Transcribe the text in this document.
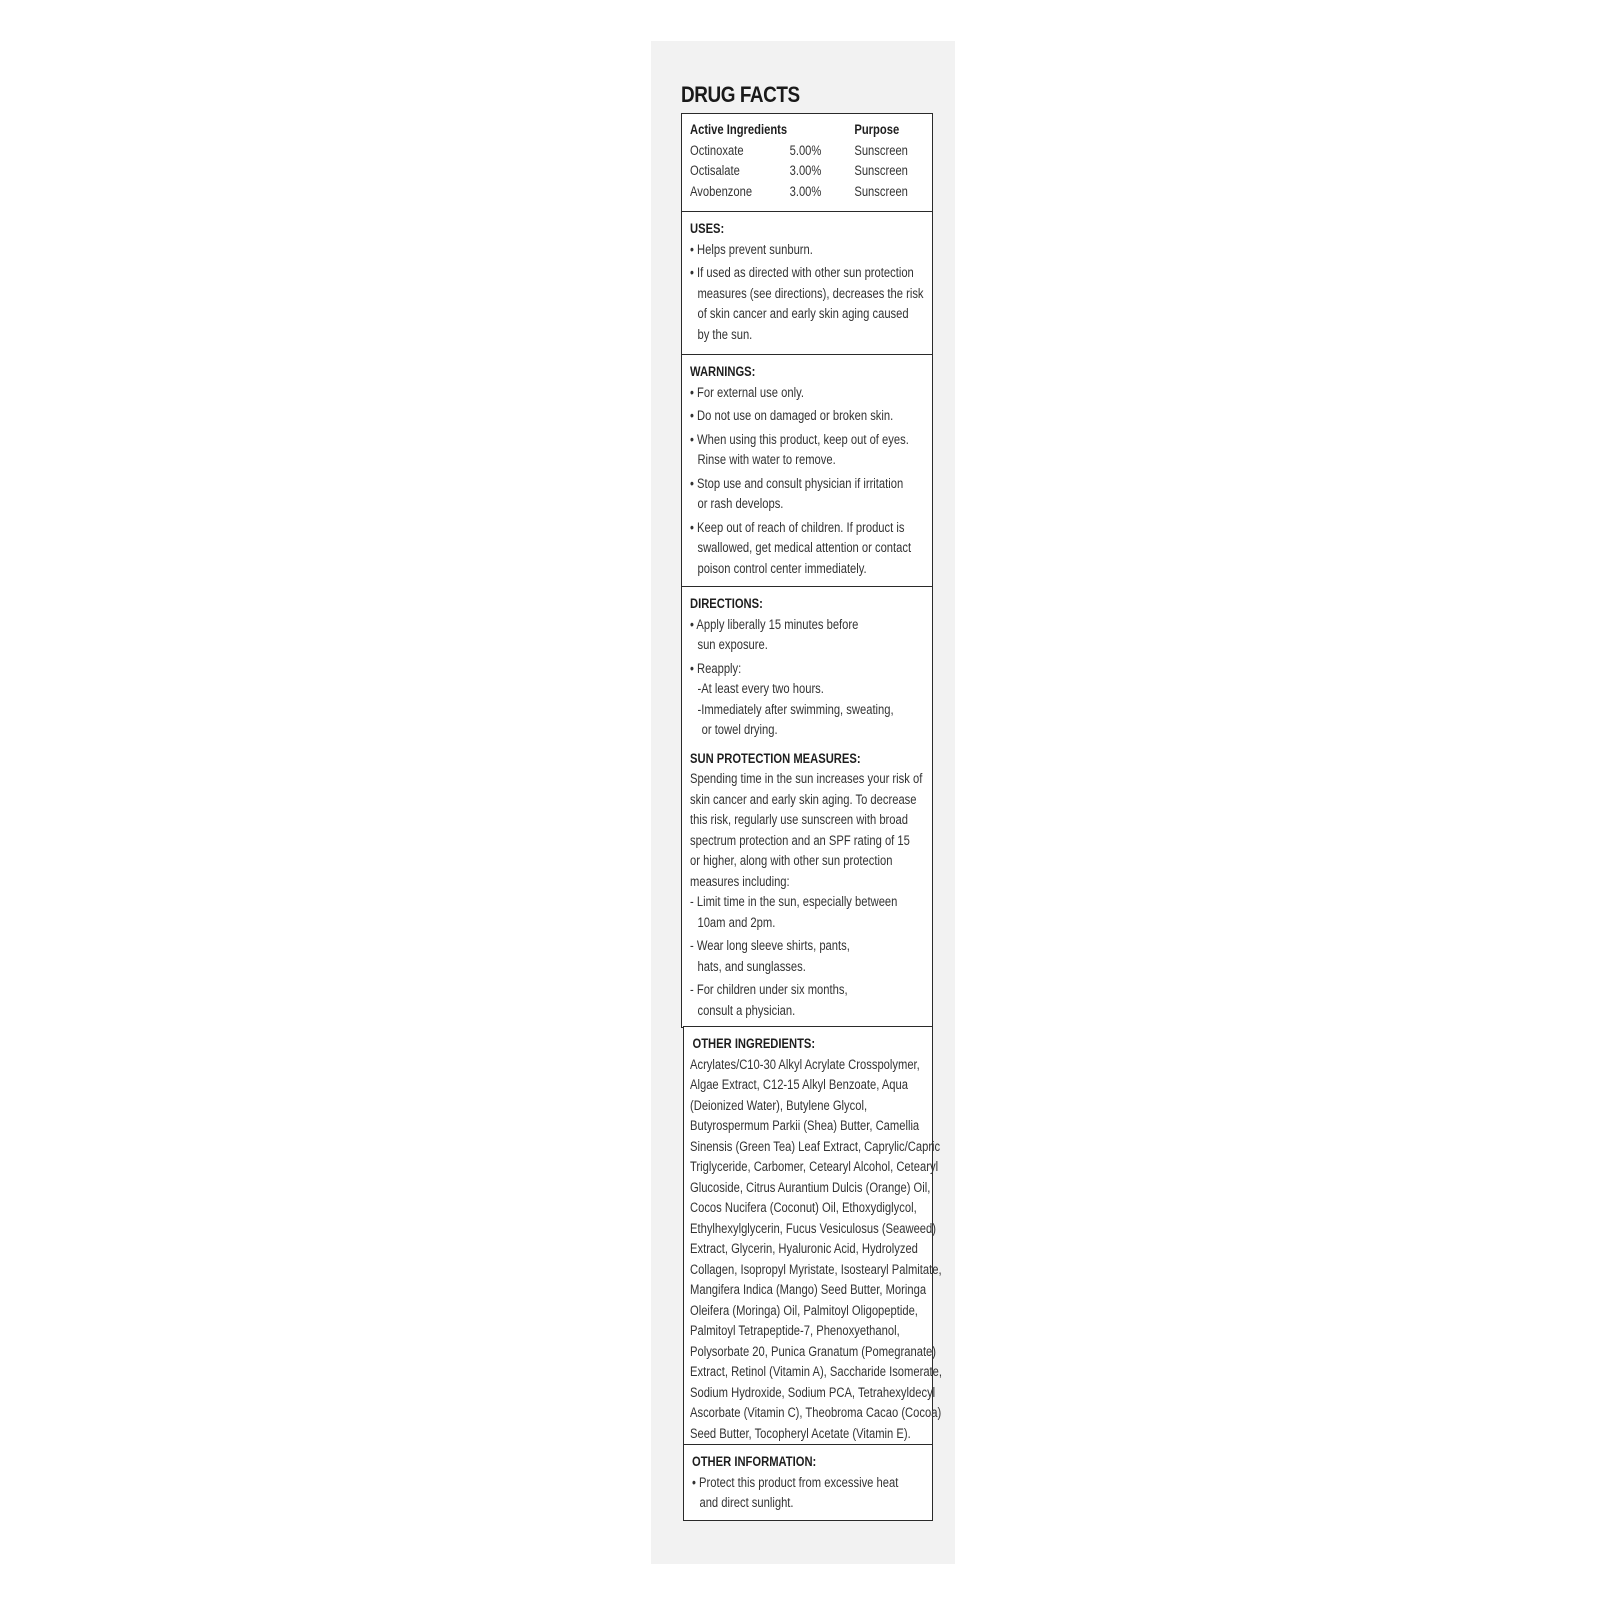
DRUG FACTS
Active Ingredients		Purpose
Octinoxate	5.00%	Sunscreen
Octisalate	3.00%	Sunscreen
Avobenzone	3.00%	Sunscreen
USES:
• Helps prevent sunburn.
• If used as directed with other sun protection
measures (see directions), decreases the risk
of skin cancer and early skin aging caused
by the sun.
WARNINGS:
• For external use only.
• Do not use on damaged or broken skin.
• When using this product, keep out of eyes.
Rinse with water to remove.
• Stop use and consult physician if irritation
or rash develops.
• Keep out of reach of children. If product is
swallowed, get medical attention or contact
poison control center immediately.
DIRECTIONS:
• Apply liberally 15 minutes before
sun exposure.
• Reapply:
-At least every two hours.
-Immediately after swimming, sweating,
or towel drying.
SUN PROTECTION MEASURES:
Spending time in the sun increases your risk of
skin cancer and early skin aging. To decrease
this risk, regularly use sunscreen with broad
spectrum protection and an SPF rating of 15
or higher, along with other sun protection
measures including:
- Limit time in the sun, especially between
10am and 2pm.
- Wear long sleeve shirts, pants,
hats, and sunglasses.
- For children under six months,
consult a physician.
OTHER INGREDIENTS:
Acrylates/C10-30 Alkyl Acrylate Crosspolymer,
Algae Extract, C12-15 Alkyl Benzoate, Aqua
(Deionized Water), Butylene Glycol,
Butyrospermum Parkii (Shea) Butter, Camellia
Sinensis (Green Tea) Leaf Extract, Caprylic/Capric
Triglyceride, Carbomer, Cetearyl Alcohol, Cetearyl
Glucoside, Citrus Aurantium Dulcis (Orange) Oil,
Cocos Nucifera (Coconut) Oil, Ethoxydiglycol,
Ethylhexylglycerin, Fucus Vesiculosus (Seaweed)
Extract, Glycerin, Hyaluronic Acid, Hydrolyzed
Collagen, Isopropyl Myristate, Isostearyl Palmitate,
Mangifera Indica (Mango) Seed Butter, Moringa
Oleifera (Moringa) Oil, Palmitoyl Oligopeptide,
Palmitoyl Tetrapeptide-7, Phenoxyethanol,
Polysorbate 20, Punica Granatum (Pomegranate)
Extract, Retinol (Vitamin A), Saccharide Isomerate,
Sodium Hydroxide, Sodium PCA, Tetrahexyldecyl
Ascorbate (Vitamin C), Theobroma Cacao (Cocoa)
Seed Butter, Tocopheryl Acetate (Vitamin E).
OTHER INFORMATION:
• Protect this product from excessive heat
and direct sunlight.
